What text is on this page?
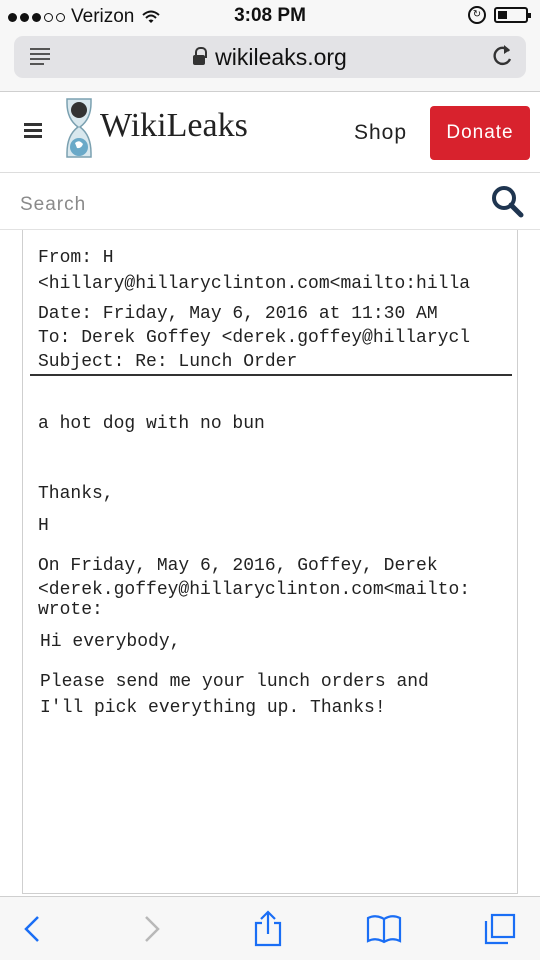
Verizon	3:08 PM	↻
wikileaks.org
WikiLeaks	Shop	Donate
Search
From: H
<hillary@hillaryclinton.com<mailto:hilla
Date: Friday, May 6, 2016 at 11:30 AM
To: Derek Goffey <derek.goffey@hillarycl
Subject: Re: Lunch Order
a hot dog with no bun
Thanks,
H
On Friday, May 6, 2016, Goffey, Derek
<derek.goffey@hillaryclinton.com<mailto:
wrote:
Hi everybody,
Please send me your lunch orders and
I'll pick everything up. Thanks!
